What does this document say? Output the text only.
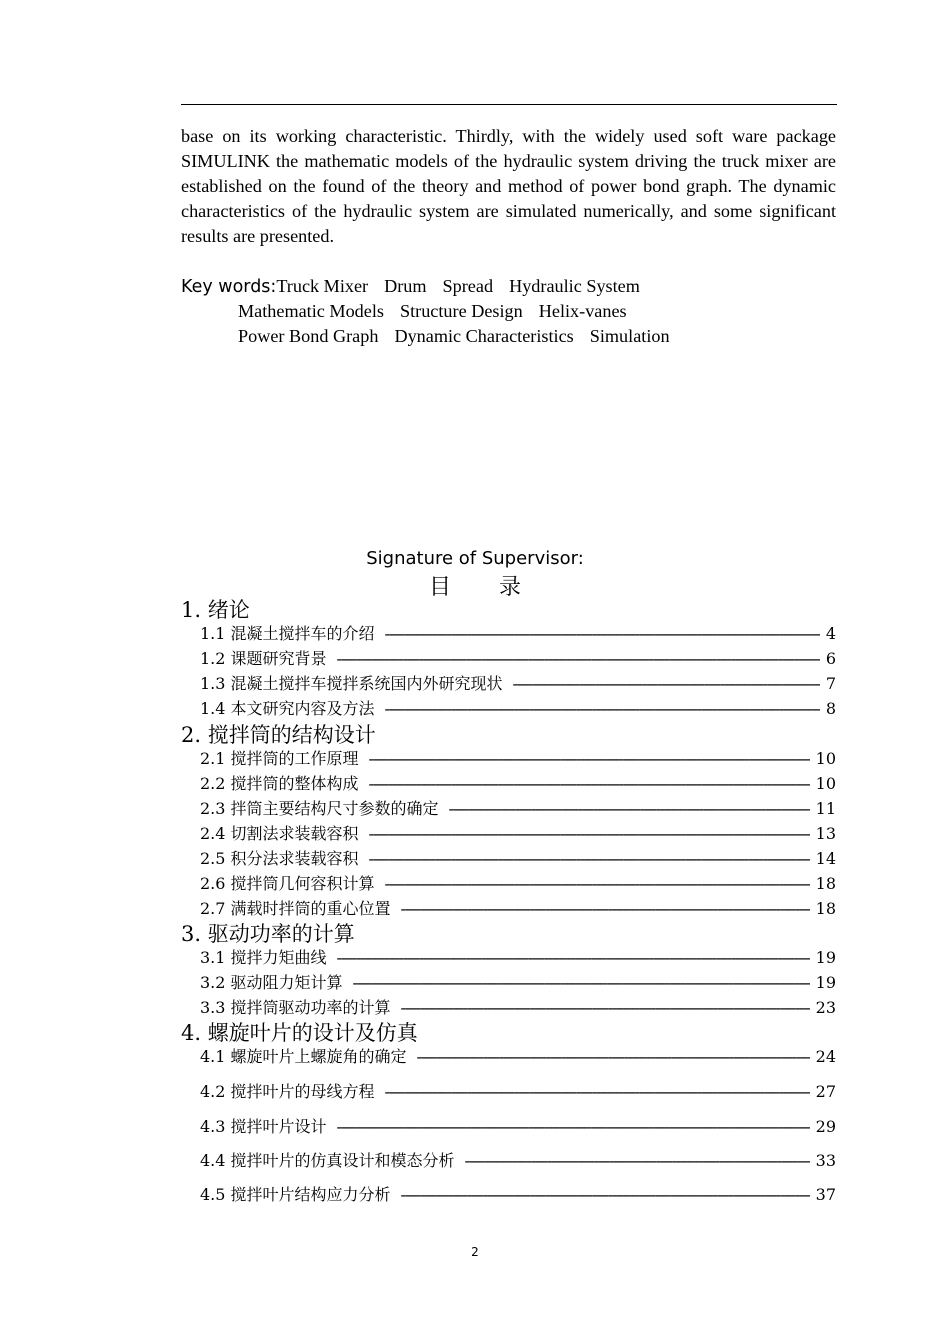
base on its working characteristic. Thirdly, with the widely used soft ware package SIMULINK the mathematic models of the hydraulic system driving the truck mixer are established on the found of the theory and method of power bond graph. The dynamic characteristics of the hydraulic system are simulated numerically, and some significant results are presented.
Key words:Truck Mixer Drum Spread Hydraulic System
Mathematic Models Structure Design Helix-vanes
Power Bond Graph Dynamic Characteristics Simulation
Signature of Supervisor:
目录
1. 绪论
1.1 混凝土搅拌车的介绍 -----	4
1.2 课题研究背景 -----	6
1.3 混凝土搅拌车搅拌系统国内外研究现状 -----	7
1.4 本文研究内容及方法 -----	8
2. 搅拌筒的结构设计
2.1 搅拌筒的工作原理 -----	10
2.2 搅拌筒的整体构成 -----	10
2.3 拌筒主要结构尺寸参数的确定 -----	11
2.4 切割法求装载容积 -----	13
2.5 积分法求装载容积 -----	14
2.6 搅拌筒几何容积计算 -----	18
2.7 满载时拌筒的重心位置 -----	18
3. 驱动功率的计算
3.1 搅拌力矩曲线 -----	19
3.2 驱动阻力矩计算 -----	19
3.3 搅拌筒驱动功率的计算 -----	23
4. 螺旋叶片的设计及仿真
4.1 螺旋叶片上螺旋角的确定 -----	24
4.2 搅拌叶片的母线方程 -----	27
4.3 搅拌叶片设计 -----	29
4.4 搅拌叶片的仿真设计和模态分析 -----	33
4.5 搅拌叶片结构应力分析 -----	37
2
